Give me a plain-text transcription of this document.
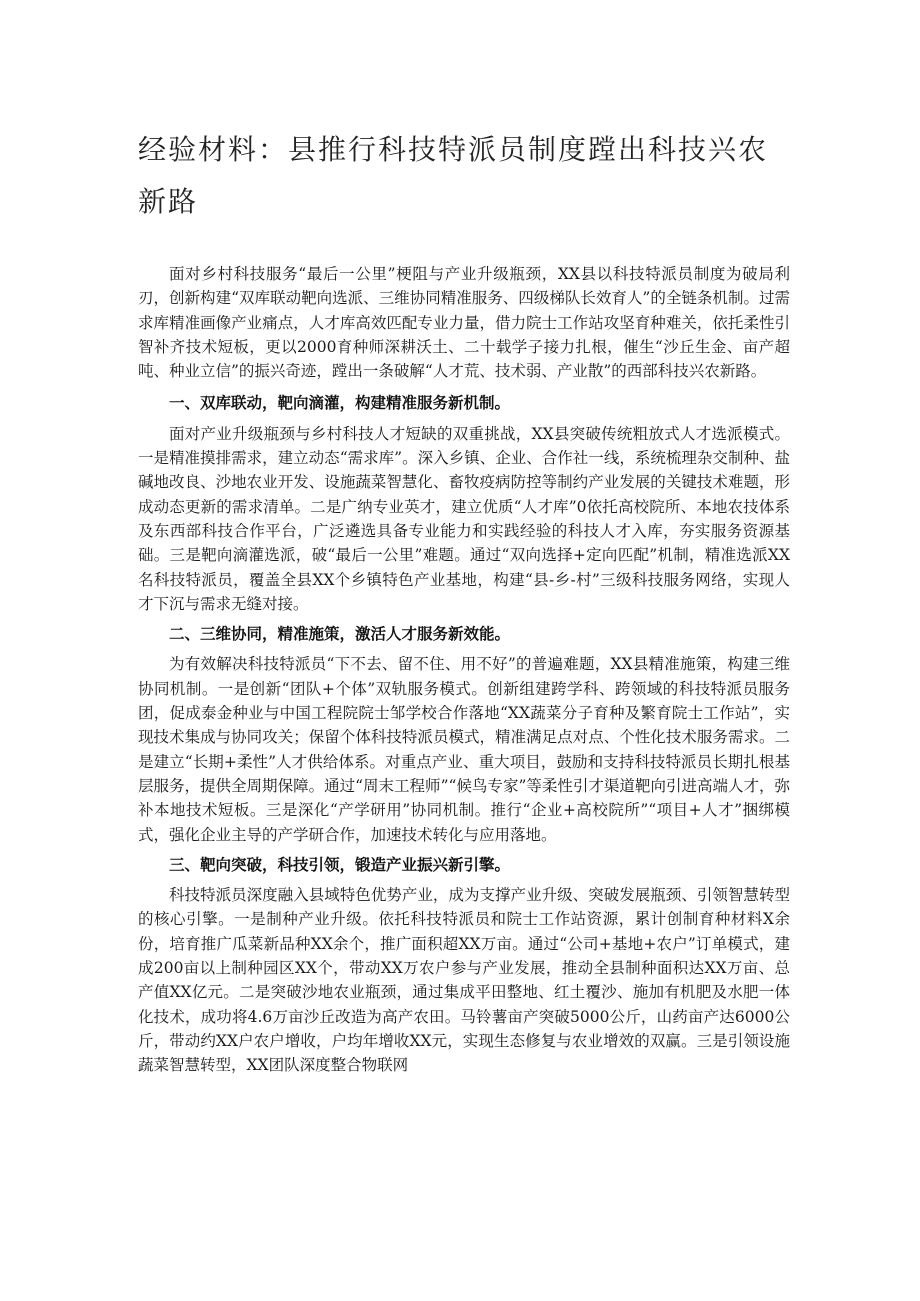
经验材料：县推行科技特派员制度蹚出科技兴农新路

面对乡村科技服务“最后一公里”梗阻与产业升级瓶颈，XX县以科技特派员制度为破局利刃，创新构建“双库联动靶向选派、三维协同精准服务、四级梯队长效育人”的全链条机制。过需求库精准画像产业痛点，人才库高效匹配专业力量，借力院士工作站攻坚育种难关，依托柔性引智补齐技术短板，更以2000育种师深耕沃土、二十载学子接力扎根，催生“沙丘生金、亩产超吨、种业立信”的振兴奇迹，蹚出一条破解“人才荒、技术弱、产业散”的西部科技兴农新路。

一、双库联动，靶向滴灌，构建精准服务新机制。

面对产业升级瓶颈与乡村科技人才短缺的双重挑战，XX县突破传统粗放式人才选派模式。一是精准摸排需求，建立动态“需求库”。深入乡镇、企业、合作社一线，系统梳理杂交制种、盐碱地改良、沙地农业开发、设施蔬菜智慧化、畜牧疫病防控等制约产业发展的关键技术难题，形成动态更新的需求清单。二是广纳专业英才，建立优质“人才库”0依托高校院所、本地农技体系及东西部科技合作平台，广泛遴选具备专业能力和实践经验的科技人才入库，夯实服务资源基础。三是靶向滴灌选派，破“最后一公里”难题。通过“双向选择+定向匹配”机制，精准选派XX名科技特派员，覆盖全县XX个乡镇特色产业基地，构建“县-乡-村”三级科技服务网络，实现人才下沉与需求无缝对接。

二、三维协同，精准施策，激活人才服务新效能。

为有效解决科技特派员“下不去、留不住、用不好”的普遍难题，XX县精准施策，构建三维协同机制。一是创新“团队+个体”双轨服务模式。创新组建跨学科、跨领域的科技特派员服务团，促成泰金种业与中国工程院院士邹学校合作落地“XX蔬菜分子育种及繁育院士工作站”，实现技术集成与协同攻关；保留个体科技特派员模式，精准满足点对点、个性化技术服务需求。二是建立“长期+柔性”人才供给体系。对重点产业、重大项目，鼓励和支持科技特派员长期扎根基层服务，提供全周期保障。通过“周末工程师”“候鸟专家”等柔性引才渠道靶向引进高端人才，弥补本地技术短板。三是深化“产学研用”协同机制。推行“企业+高校院所”“项目+人才”捆绑模式，强化企业主导的产学研合作，加速技术转化与应用落地。

三、靶向突破，科技引领，锻造产业振兴新引擎。

科技特派员深度融入县域特色优势产业，成为支撑产业升级、突破发展瓶颈、引领智慧转型的核心引擎。一是制种产业升级。依托科技特派员和院士工作站资源，累计创制育种材料X余份，培育推广瓜菜新品种XX余个，推广面积超XX万亩。通过“公司+基地+农户”订单模式，建成200亩以上制种园区XX个，带动XX万农户参与产业发展，推动全县制种面积达XX万亩、总产值XX亿元。二是突破沙地农业瓶颈，通过集成平田整地、红土覆沙、施加有机肥及水肥一体化技术，成功将4.6万亩沙丘改造为高产农田。马铃薯亩产突破5000公斤，山药亩产达6000公斤，带动约XX户农户增收，户均年增收XX元，实现生态修复与农业增效的双赢。三是引领设施蔬菜智慧转型，XX团队深度整合物联网
